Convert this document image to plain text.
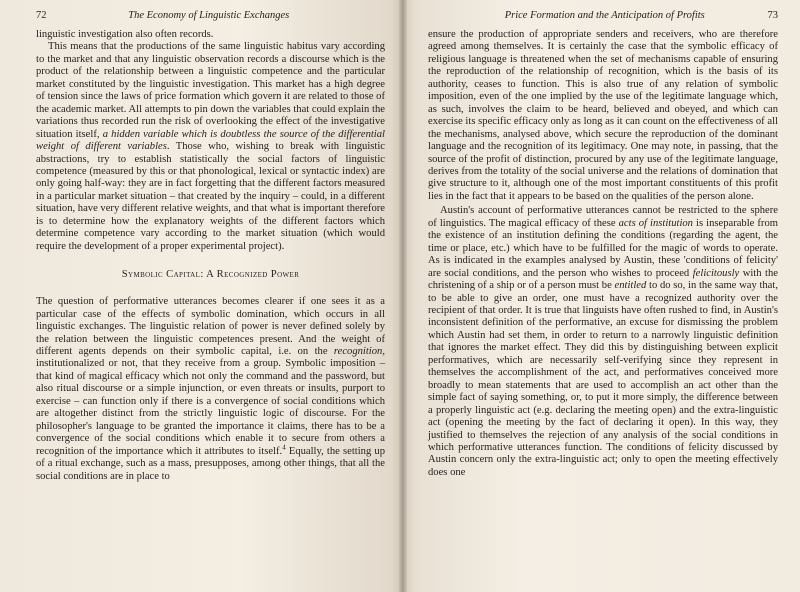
72	The Economy of Linguistic Exchanges

linguistic investigation also often records.

This means that the productions of the same linguistic habitus vary according to the market and that any linguistic observation records a discourse which is the product of the relationship between a linguistic competence and the particular market constituted by the linguistic investigation. This market has a high degree of tension since the laws of price formation which govern it are related to those of the academic market. All attempts to pin down the variables that could explain the variations thus recorded run the risk of overlooking the effect of the investigative situation itself, a hidden variable which is doubtless the source of the differential weight of different variables. Those who, wishing to break with linguistic abstractions, try to establish statistically the social factors of linguistic competence (measured by this or that phonological, lexical or syntactic index) are only going half-way: they are in fact forgetting that the different factors measured in a particular market situation – that created by the inquiry – could, in a different situation, have very different relative weights, and that what is important therefore is to determine how the explanatory weights of the different factors which determine competence vary according to the market situation (which would require the development of a proper experimental project).

Symbolic Capital: A Recognized Power

The question of performative utterances becomes clearer if one sees it as a particular case of the effects of symbolic domination, which occurs in all linguistic exchanges. The linguistic relation of power is never defined solely by the relation between the linguistic competences present. And the weight of different agents depends on their symbolic capital, i.e. on the recognition, institutionalized or not, that they receive from a group. Symbolic imposition – that kind of magical efficacy which not only the command and the password, but also ritual discourse or a simple injunction, or even threats or insults, purport to exercise – can function only if there is a convergence of social conditions which are altogether distinct from the strictly linguistic logic of discourse. For the philosopher's language to be granted the importance it claims, there has to be a convergence of the social conditions which enable it to secure from others a recognition of the importance which it attributes to itself.$^4$ Equally, the setting up of a ritual exchange, such as a mass, presupposes, among other things, that all the social conditions are in place to

Price Formation and the Anticipation of Profits	73

ensure the production of appropriate senders and receivers, who are therefore agreed among themselves. It is certainly the case that the symbolic efficacy of religious language is threatened when the set of mechanisms capable of ensuring the reproduction of the relationship of recognition, which is the basis of its authority, ceases to function. This is also true of any relation of symbolic imposition, even of the one implied by the use of the legitimate language which, as such, involves the claim to be heard, believed and obeyed, and which can exercise its specific efficacy only as long as it can count on the effectiveness of all the mechanisms, analysed above, which secure the reproduction of the dominant language and the recognition of its legitimacy. One may note, in passing, that the source of the profit of distinction, procured by any use of the legitimate language, derives from the totality of the social universe and the relations of domination that give structure to it, although one of the most important constituents of this profit lies in the fact that it appears to be based on the qualities of the person alone.

Austin's account of performative utterances cannot be restricted to the sphere of linguistics. The magical efficacy of these acts of institution is inseparable from the existence of an institution defining the conditions (regarding the agent, the time or place, etc.) which have to be fulfilled for the magic of words to operate. As is indicated in the examples analysed by Austin, these 'conditions of felicity' are social conditions, and the person who wishes to proceed felicitously with the christening of a ship or of a person must be entitled to do so, in the same way that, to be able to give an order, one must have a recognized authority over the recipient of that order. It is true that linguists have often rushed to find, in Austin's inconsistent definition of the performative, an excuse for dismissing the problem which Austin had set them, in order to return to a narrowly linguistic definition that ignores the market effect. They did this by distinguishing between explicit performatives, which are necessarily self-verifying since they represent in themselves the accomplishment of the act, and performatives conceived more broadly to mean statements that are used to accomplish an act other than the simple fact of saying something, or, to put it more simply, the difference between a properly linguistic act (e.g. declaring the meeting open) and the extra-linguistic act (opening the meeting by the fact of declaring it open). In this way, they justified to themselves the rejection of any analysis of the social conditions in which performative utterances function. The conditions of felicity discussed by Austin concern only the extra-linguistic act; only to open the meeting effectively does one
